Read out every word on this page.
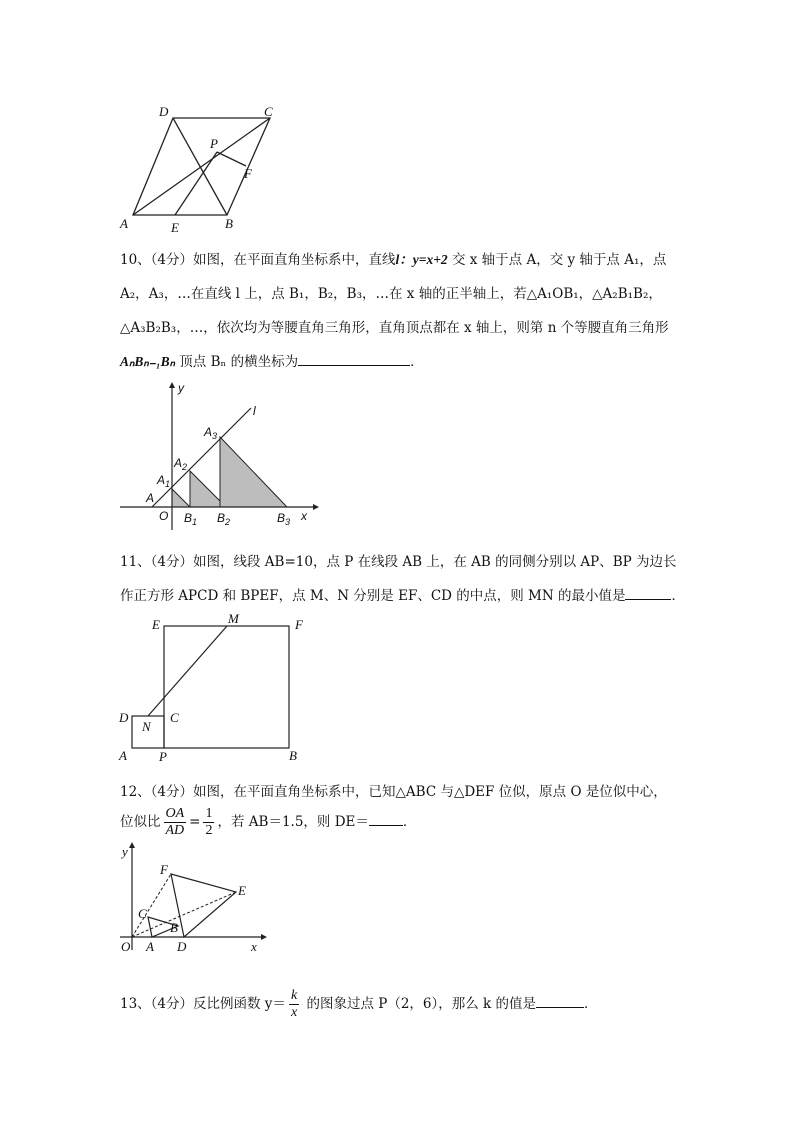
D	C
P
F
A	E	B
10、（4分）如图，在平面直角坐标系中，直线l：y=x+2 交 x 轴于点 A，交 y 轴于点 A₁，点
A₂，A₃，…在直线 l 上，点 B₁，B₂，B₃，…在 x 轴的正半轴上，若△A₁OB₁，△A₂B₁B₂，
△A₃B₂B₃，…，依次均为等腰直角三角形，直角顶点都在 x 轴上，则第 n 个等腰直角三角形
AₙBₙ₋₁Bₙ 顶点 Bₙ 的横坐标为	．
y
l
$A_3$
$A_2$
$A_1$
A
O $B_1$ $B_2$	$B_3$ x
11、（4分）如图，线段 AB=10，点 P 在线段 AB 上，在 AB 的同侧分别以 AP、BP 为边长
作正方形 APCD 和 BPEF，点 M、N 分别是 EF、CD 的中点，则 MN 的最小值是	．
E	M	F
D
N
C
A P	B
12、（4分）如图，在平面直角坐标系中，已知△ABC 与△DEF 位似，原点 O 是位似中心，
位似比 $\frac{OA}{AD} = \frac{1}{2}$ ，若 AB＝1.5，则 DE＝	．
y
F
E
C
B
O A D	x
13、（4分）反比例函数 $y= \frac{k}{x}$ 的图象过点 P（2，6），那么 k 的值是	．
